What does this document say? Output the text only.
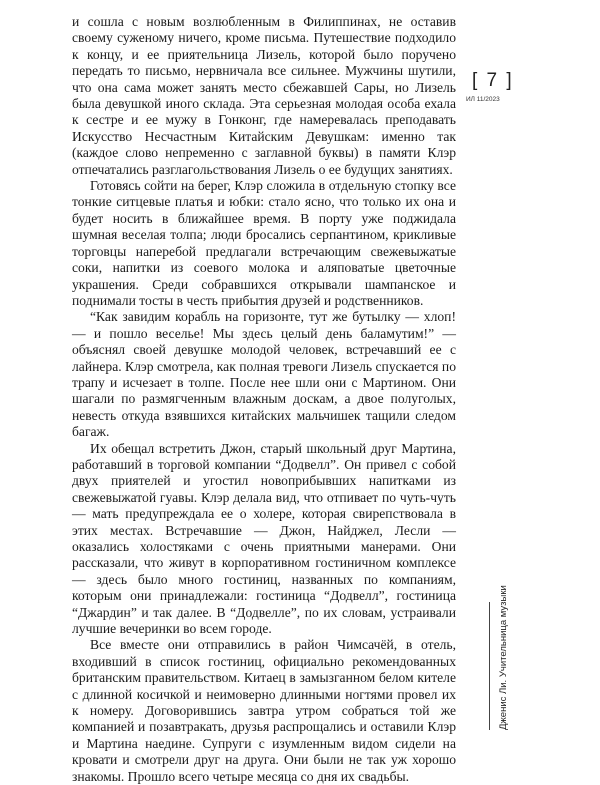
и сошла с новым возлюбленным в Филиппинах, не оставив своему суженому ничего, кроме письма. Путешествие подходило к концу, и ее приятельница Лизель, которой было поручено передать то письмо, нервничала все сильнее. Мужчины шутили, что она сама может занять место сбежавшей Сары, но Лизель была девушкой иного склада. Эта серьезная молодая особа ехала к сестре и ее мужу в Гонконг, где намеревалась преподавать Искусство Несчастным Китайским Девушкам: именно так (каждое слово непременно с заглавной буквы) в памяти Клэр отпечатались разглагольствования Лизель о ее будущих занятиях.

Готовясь сойти на берег, Клэр сложила в отдельную стопку все тонкие ситцевые платья и юбки: стало ясно, что только их она и будет носить в ближайшее время. В порту уже поджидала шумная веселая толпа; люди бросались серпантином, крикливые торговцы наперебой предлагали встречающим свежевыжатые соки, напитки из соевого молока и аляповатые цветочные украшения. Среди собравшихся открывали шампанское и поднимали тосты в честь прибытия друзей и родственников.

“Как завидим корабль на горизонте, тут же бутылку — хлоп! — и пошло веселье! Мы здесь целый день баламутим!” — объяснял своей девушке молодой человек, встречавший ее с лайнера. Клэр смотрела, как полная тревоги Лизель спускается по трапу и исчезает в толпе. После нее шли они с Мартином. Они шагали по размягченным влажным доскам, а двое полуголых, невесть откуда взявшихся китайских мальчишек тащили следом багаж.

Их обещал встретить Джон, старый школьный друг Мартина, работавший в торговой компании “Додвелл”. Он привел с собой двух приятелей и угостил новоприбывших напитками из свежевыжатой гуавы. Клэр делала вид, что отпивает по чуть-чуть — мать предупреждала ее о холере, которая свирепствовала в этих местах. Встречавшие — Джон, Найджел, Лесли — оказались холостяками с очень приятными манерами. Они рассказали, что живут в корпоративном гостиничном комплексе — здесь было много гостиниц, названных по компаниям, которым они принадлежали: гостиница “Додвелл”, гостиница “Джардин” и так далее. В “Додвелле”, по их словам, устраивали лучшие вечеринки во всем городе.

Все вместе они отправились в район Чимсачёй, в отель, входивший в список гостиниц, официально рекомендованных британским правительством. Китаец в замызганном белом кителе с длинной косичкой и неимоверно длинными ногтями провел их к номеру. Договорившись завтра утром собраться той же компанией и позавтракать, друзья распрощались и оставили Клэр и Мартина наедине. Супруги с изумленным видом сидели на кровати и смотрели друг на друга. Они были не так уж хорошо знакомы. Прошло всего четыре месяца со дня их свадьбы.

[ 7 ]
ИЛ 11/2023
Дженис Ли. Учительница музыки
